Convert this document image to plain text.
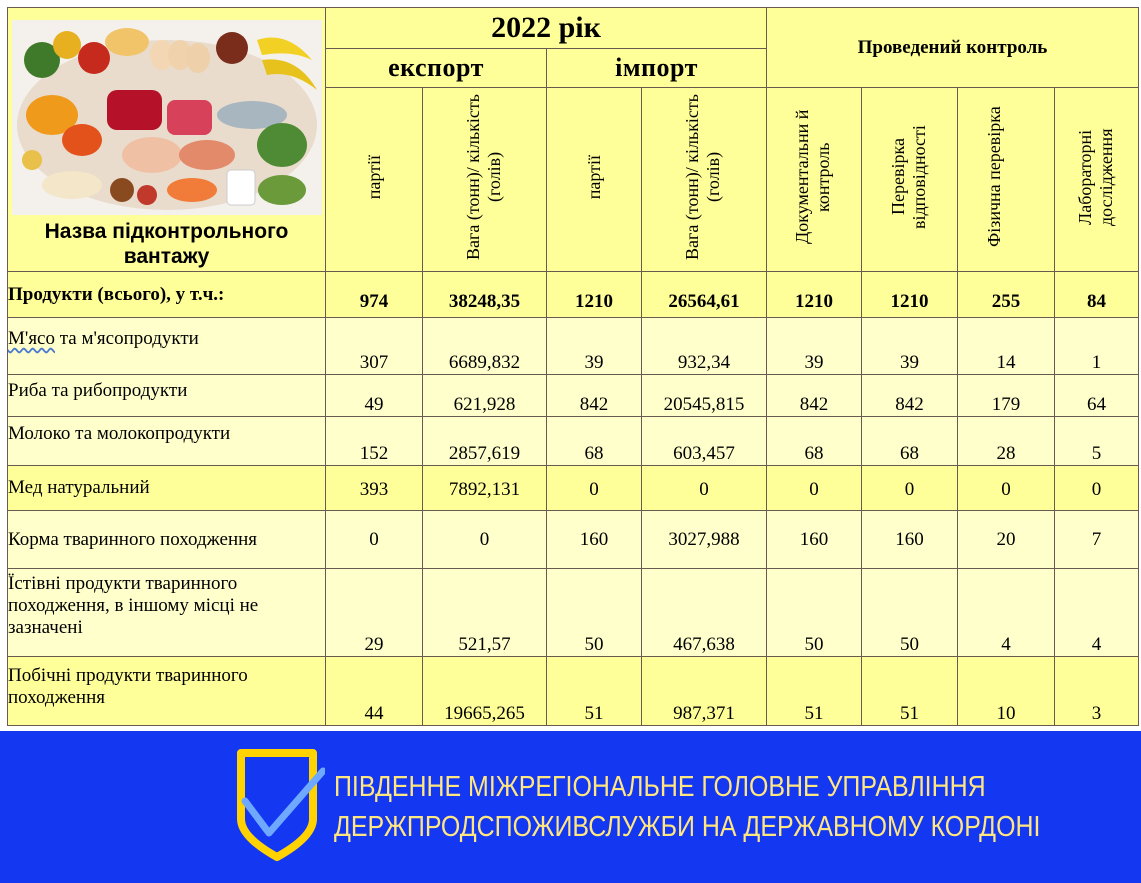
Назва підконтрольного вантажу	2022 рік				Проведений контроль			
	експорт		імпорт					
	партії	Вага (тонн)/ кількість (голів)	партії	Вага (тонн)/ кількість (голів)	Документальни й контроль	Перевірка відповідності	Фізична перевірка	Лабораторні дослідження
Продукти (всього), у т.ч.:	974	38248,35	1210	26564,61	1210	1210	255	84
М'ясо та м'ясопродукти	307	6689,832	39	932,34	39	39	14	1
Риба та рибопродукти	49	621,928	842	20545,815	842	842	179	64
Молоко та молокопродукти	152	2857,619	68	603,457	68	68	28	5
Мед натуральний	393	7892,131	0	0	0	0	0	0
Корма тваринного походження	0	0	160	3027,988	160	160	20	7
Їстівні продукти тваринного походження, в іншому місці не зазначені	29	521,57	50	467,638	50	50	4	4
Побічні продукти тваринного походження	44	19665,265	51	987,371	51	51	10	3
ПІВДЕННЕ МІЖРЕГІОНАЛЬНЕ ГОЛОВНЕ УПРАВЛІННЯ
ДЕРЖПРОДСПОЖИВСЛУЖБИ НА ДЕРЖАВНОМУ КОРДОНІ
